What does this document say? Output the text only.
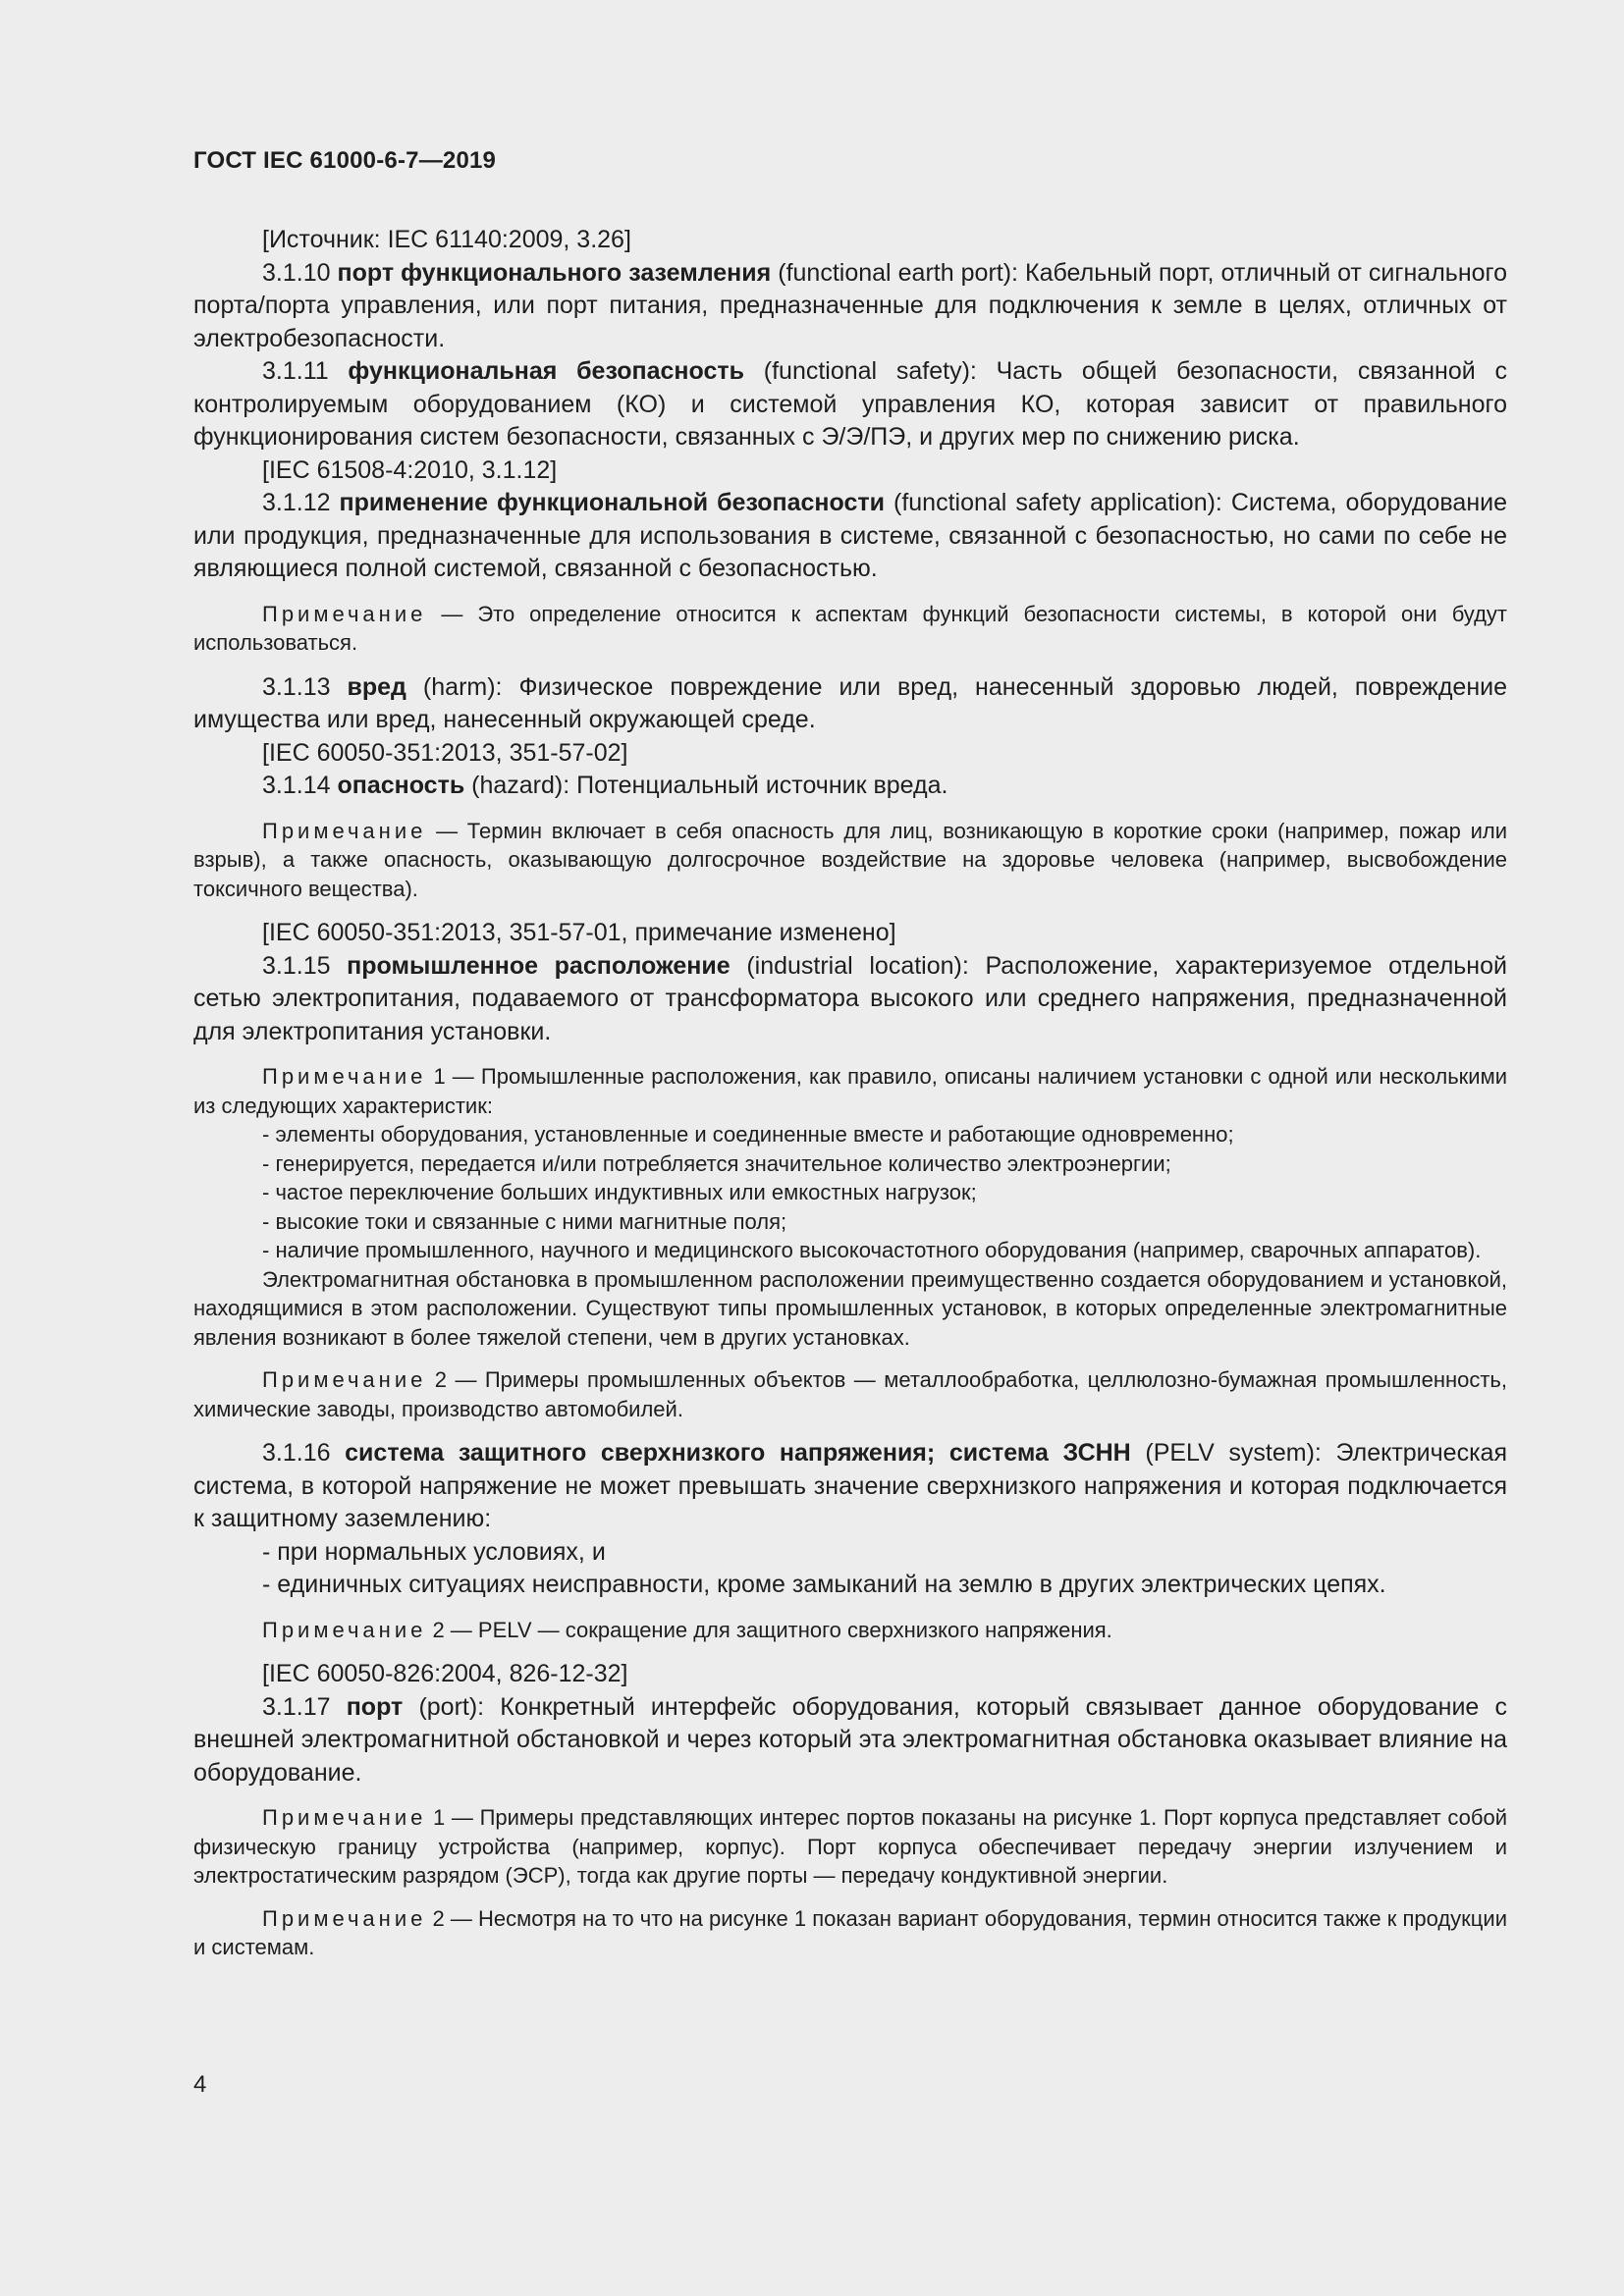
ГОСТ IEC 61000-6-7—2019

[Источник: IEC 61140:2009, 3.26]

3.1.10 порт функционального заземления (functional earth port): Кабельный порт, отличный от сигнального порта/порта управления, или порт питания, предназначенные для подключения к земле в целях, отличных от электробезопасности.

3.1.11 функциональная безопасность (functional safety): Часть общей безопасности, связанной с контролируемым оборудованием (КО) и системой управления КО, которая зависит от правильного функционирования систем безопасности, связанных с Э/Э/ПЭ, и других мер по снижению риска.

[IEC 61508-4:2010, 3.1.12]

3.1.12 применение функциональной безопасности (functional safety application): Система, оборудование или продукция, предназначенные для использования в системе, связанной с безопасностью, но сами по себе не являющиеся полной системой, связанной с безопасностью.

Примечание — Это определение относится к аспектам функций безопасности системы, в которой они будут использоваться.

3.1.13 вред (harm): Физическое повреждение или вред, нанесенный здоровью людей, повреждение имущества или вред, нанесенный окружающей среде.

[IEC 60050-351:2013, 351-57-02]

3.1.14 опасность (hazard): Потенциальный источник вреда.

Примечание — Термин включает в себя опасность для лиц, возникающую в короткие сроки (например, пожар или взрыв), а также опасность, оказывающую долгосрочное воздействие на здоровье человека (например, высвобождение токсичного вещества).

[IEC 60050-351:2013, 351-57-01, примечание изменено]

3.1.15 промышленное расположение (industrial location): Расположение, характеризуемое отдельной сетью электропитания, подаваемого от трансформатора высокого или среднего напряжения, предназначенной для электропитания установки.

Примечание 1 — Промышленные расположения, как правило, описаны наличием установки с одной или несколькими из следующих характеристик:

- элементы оборудования, установленные и соединенные вместе и работающие одновременно;

- генерируется, передается и/или потребляется значительное количество электроэнергии;

- частое переключение больших индуктивных или емкостных нагрузок;

- высокие токи и связанные с ними магнитные поля;

- наличие промышленного, научного и медицинского высокочастотного оборудования (например, сварочных аппаратов).

Электромагнитная обстановка в промышленном расположении преимущественно создается оборудованием и установкой, находящимися в этом расположении. Существуют типы промышленных установок, в которых определенные электромагнитные явления возникают в более тяжелой степени, чем в других установках.

Примечание 2 — Примеры промышленных объектов — металлообработка, целлюлозно-бумажная промышленность, химические заводы, производство автомобилей.

3.1.16 система защитного сверхнизкого напряжения; система ЗСНН (PELV system): Электрическая система, в которой напряжение не может превышать значение сверхнизкого напряжения и которая подключается к защитному заземлению:

- при нормальных условиях, и

- единичных ситуациях неисправности, кроме замыканий на землю в других электрических цепях.

Примечание 2 — PELV — сокращение для защитного сверхнизкого напряжения.

[IEC 60050-826:2004, 826-12-32]

3.1.17 порт (port): Конкретный интерфейс оборудования, который связывает данное оборудование с внешней электромагнитной обстановкой и через который эта электромагнитная обстановка оказывает влияние на оборудование.

Примечание 1 — Примеры представляющих интерес портов показаны на рисунке 1. Порт корпуса представляет собой физическую границу устройства (например, корпус). Порт корпуса обеспечивает передачу энергии излучением и электростатическим разрядом (ЭСР), тогда как другие порты — передачу кондуктивной энергии.

Примечание 2 — Несмотря на то что на рисунке 1 показан вариант оборудования, термин относится также к продукции и системам.

4
